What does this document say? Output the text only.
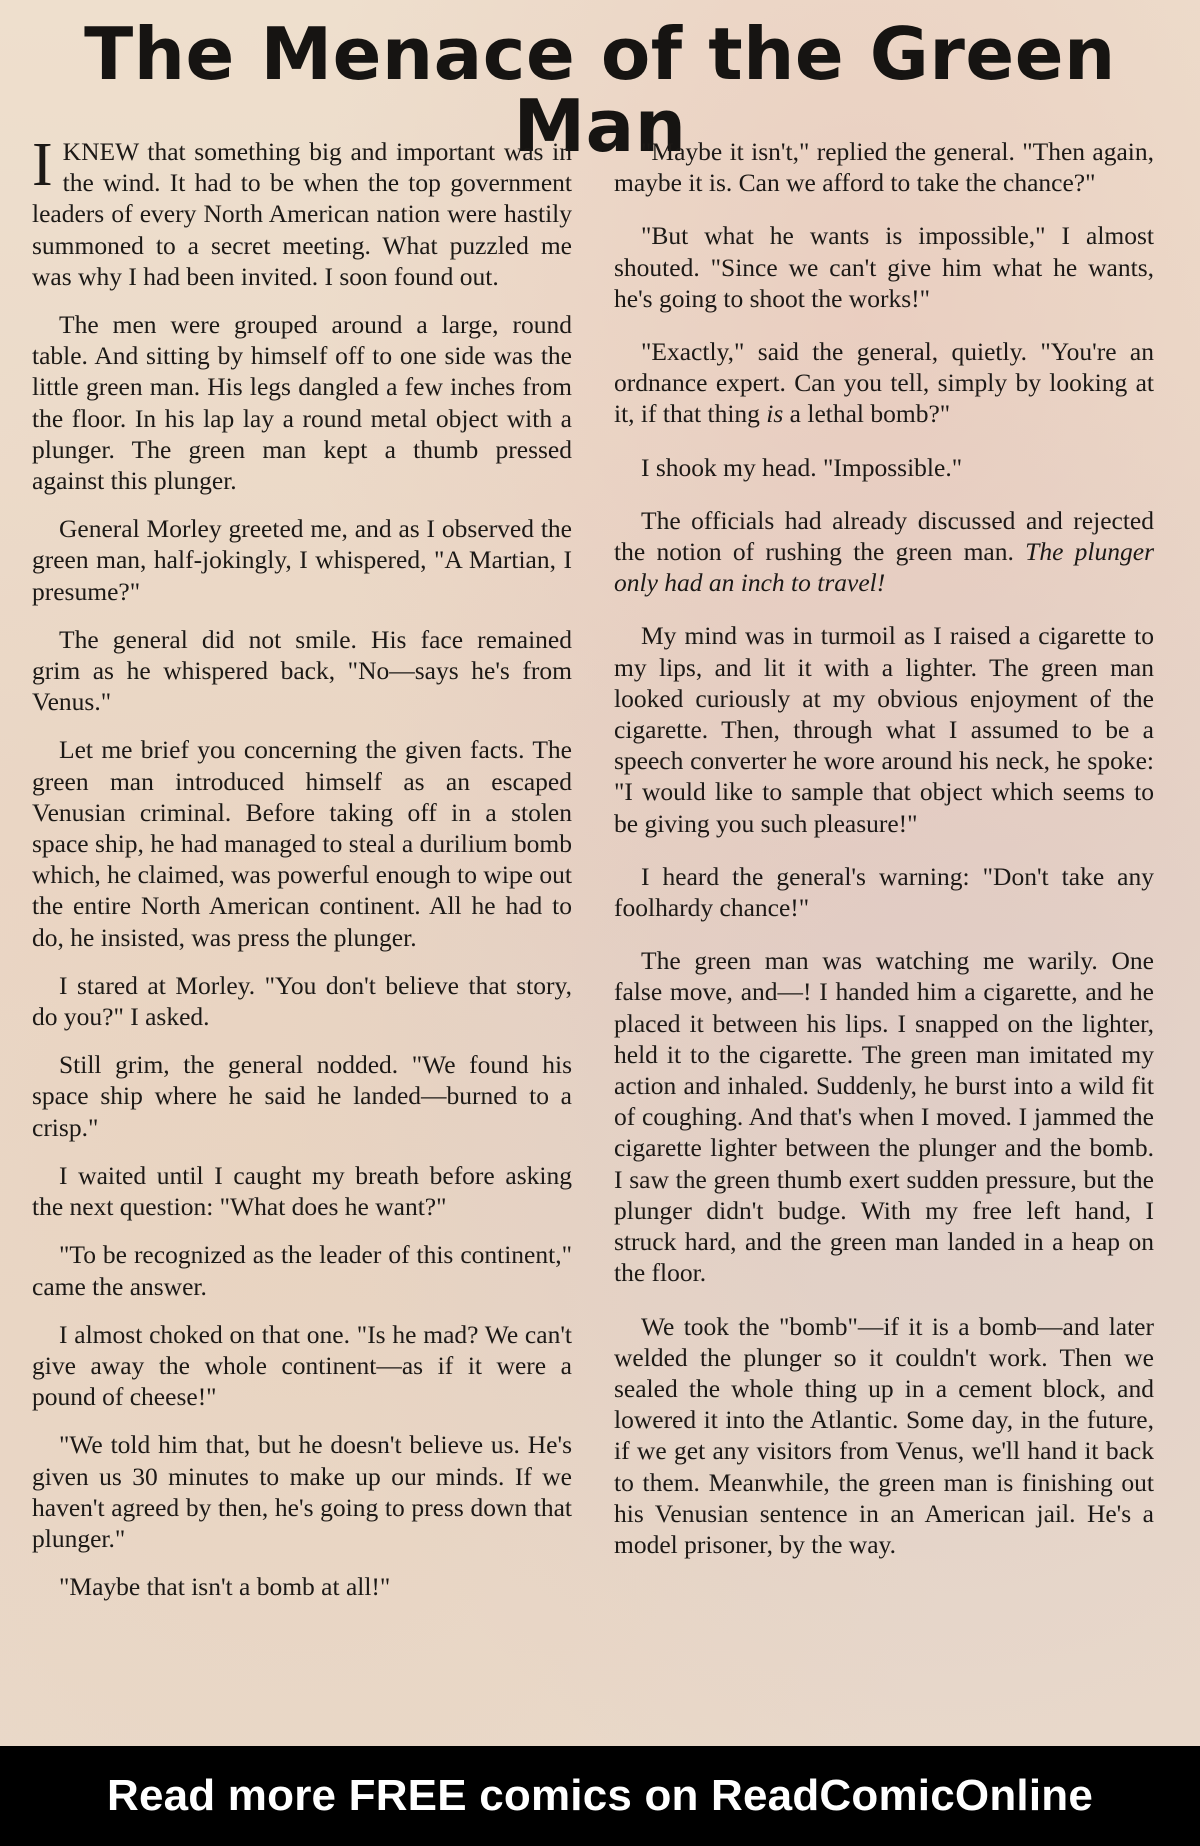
The Menace of the Green Man

IKNEW that something big and important was in the wind. It had to be when the top government leaders of every North American nation were hastily summoned to a secret meeting. What puzzled me was why I had been invited. I soon found out.

The men were grouped around a large, round table. And sitting by himself off to one side was the little green man. His legs dangled a few inches from the floor. In his lap lay a round metal object with a plunger. The green man kept a thumb pressed against this plunger.

General Morley greeted me, and as I observed the green man, half-jokingly, I whispered, "A Martian, I presume?"

The general did not smile. His face remained grim as he whispered back, "No—says he's from Venus."

Let me brief you concerning the given facts. The green man introduced himself as an escaped Venusian criminal. Before taking off in a stolen space ship, he had managed to steal a durilium bomb which, he claimed, was powerful enough to wipe out the entire North American continent. All he had to do, he insisted, was press the plunger.

I stared at Morley. "You don't believe that story, do you?" I asked.

Still grim, the general nodded. "We found his space ship where he said he landed—burned to a crisp."

I waited until I caught my breath before asking the next question: "What does he want?"

"To be recognized as the leader of this continent," came the answer.

I almost choked on that one. "Is he mad? We can't give away the whole continent—as if it were a pound of cheese!"

"We told him that, but he doesn't believe us. He's given us 30 minutes to make up our minds. If we haven't agreed by then, he's going to press down that plunger."

"Maybe that isn't a bomb at all!"

"Maybe it isn't," replied the general. "Then again, maybe it is. Can we afford to take the chance?"

"But what he wants is impossible," I almost shouted. "Since we can't give him what he wants, he's going to shoot the works!"

"Exactly," said the general, quietly. "You're an ordnance expert. Can you tell, simply by looking at it, if that thing is a lethal bomb?"

I shook my head. "Impossible."

The officials had already discussed and rejected the notion of rushing the green man. The plunger only had an inch to travel!

My mind was in turmoil as I raised a cigarette to my lips, and lit it with a lighter. The green man looked curiously at my obvious enjoyment of the cigarette. Then, through what I assumed to be a speech converter he wore around his neck, he spoke: "I would like to sample that object which seems to be giving you such pleasure!"

I heard the general's warning: "Don't take any foolhardy chance!"

The green man was watching me warily. One false move, and—! I handed him a cigarette, and he placed it between his lips. I snapped on the lighter, held it to the cigarette. The green man imitated my action and inhaled. Suddenly, he burst into a wild fit of coughing. And that's when I moved. I jammed the cigarette lighter between the plunger and the bomb. I saw the green thumb exert sudden pressure, but the plunger didn't budge. With my free left hand, I struck hard, and the green man landed in a heap on the floor.

We took the "bomb"—if it is a bomb—and later welded the plunger so it couldn't work. Then we sealed the whole thing up in a cement block, and lowered it into the Atlantic. Some day, in the future, if we get any visitors from Venus, we'll hand it back to them. Meanwhile, the green man is finishing out his Venusian sentence in an American jail. He's a model prisoner, by the way.

Read more FREE comics on ReadComicOnline
